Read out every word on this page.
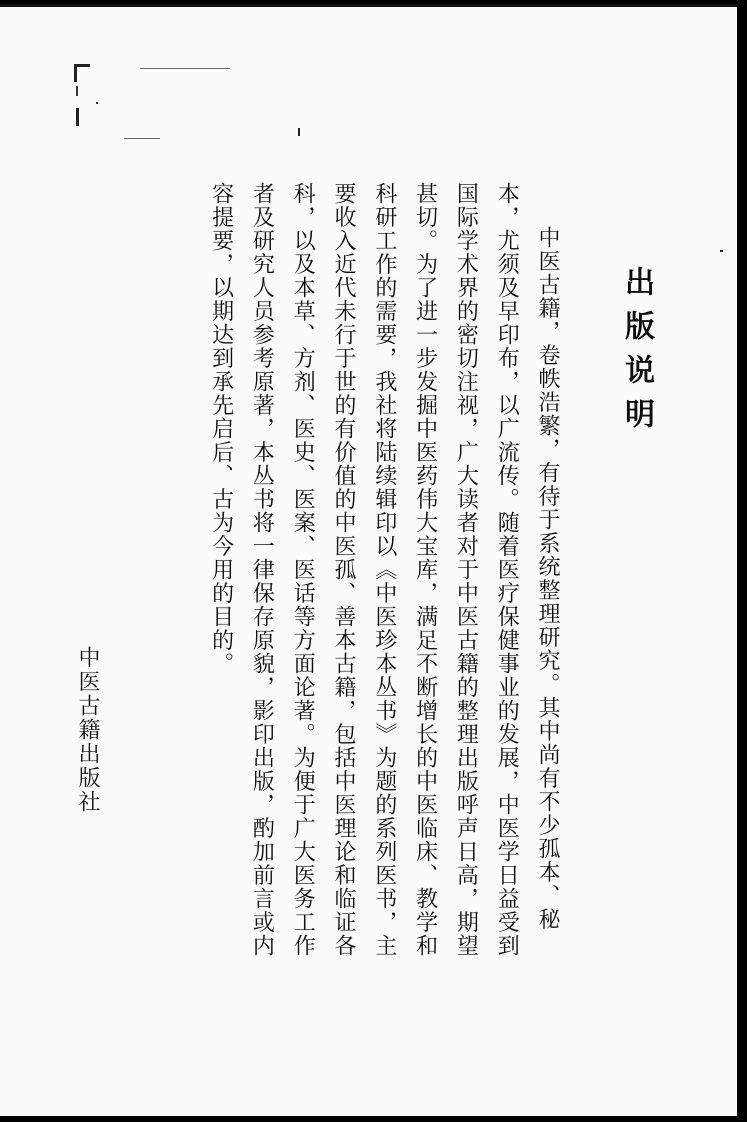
出版说明

中医古籍，卷帙浩繁，有待于系统整理研究。其中尚有不少孤本、秘本，尤须及早印布，以广流传。随着医疗保健事业的发展，中医学日益受到国际学术界的密切注视，广大读者对于中医古籍的整理出版呼声日高，期望甚切。为了进一步发掘中医药伟大宝库，满足不断增长的中医临床、教学和科研工作的需要，我社将陆续辑印以《中医珍本丛书》为题的系列医书，主要收入近代未行于世的有价值的中医孤、善本古籍，包括中医理论和临证各科，以及本草、方剂、医史、医案、医话等方面论著。为便于广大医务工作者及研究人员参考原著，本丛书将一律保存原貌，影印出版，酌加前言或内容提要，以期达到承先启后、古为今用的目的。

中医古籍出版社
